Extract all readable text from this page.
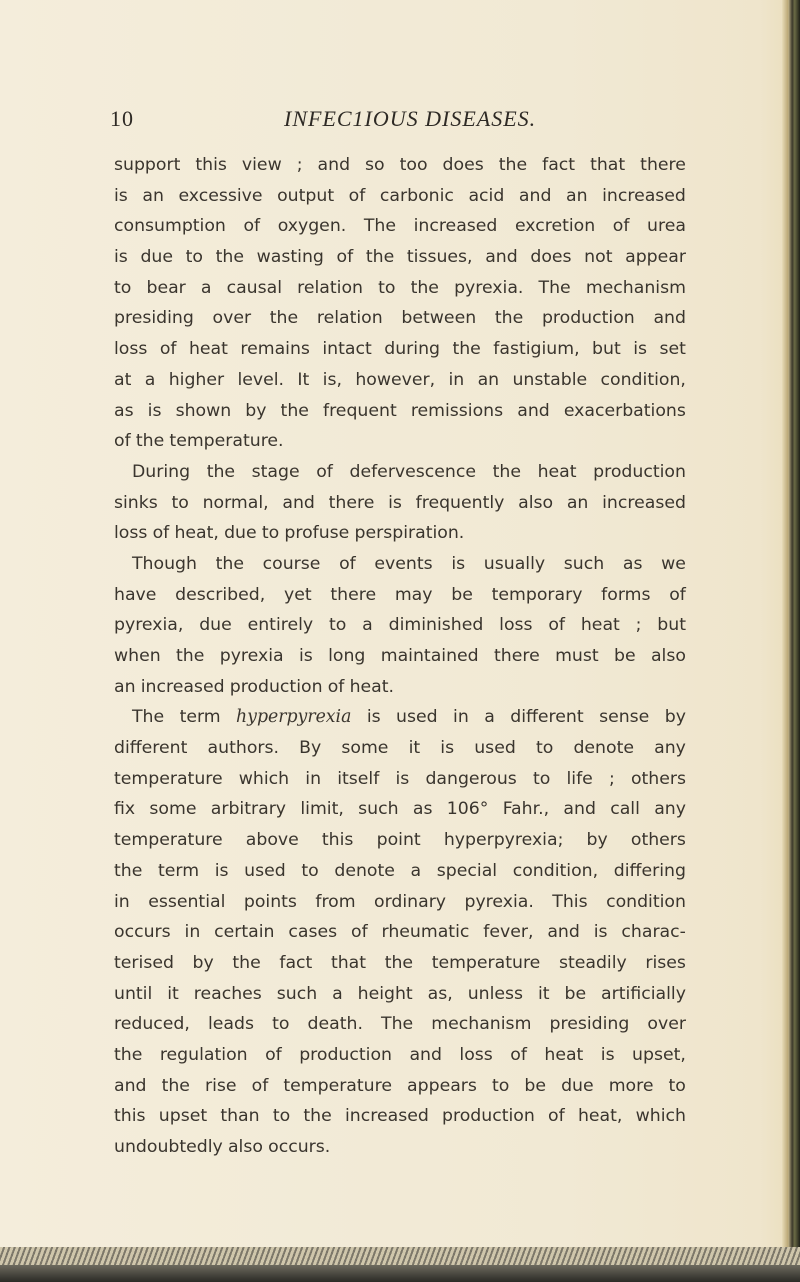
10	INFEC1IOUS DISEASES.
support this view ; and so too does the fact that there
is an excessive output of carbonic acid and an increased
consumption of oxygen. The increased excretion of urea
is due to the wasting of the tissues, and does not appear
to bear a causal relation to the pyrexia. The mechanism
presiding over the relation between the production and
loss of heat remains intact during the fastigium, but is set
at a higher level. It is, however, in an unstable condition,
as is shown by the frequent remissions and exacerbations
of the temperature.
During the stage of defervescence the heat production
sinks to normal, and there is frequently also an increased
loss of heat, due to profuse perspiration.
Though the course of events is usually such as we
have described, yet there may be temporary forms of
pyrexia, due entirely to a diminished loss of heat ; but
when the pyrexia is long maintained there must be also
an increased production of heat.
The term hyperpyrexia is used in a different sense by
different authors. By some it is used to denote any
temperature which in itself is dangerous to life ; others
fix some arbitrary limit, such as 106° Fahr., and call any
temperature above this point hyperpyrexia; by others
the term is used to denote a special condition, differing
in essential points from ordinary pyrexia. This condition
occurs in certain cases of rheumatic fever, and is charac-
terised by the fact that the temperature steadily rises
until it reaches such a height as, unless it be artificially
reduced, leads to death. The mechanism presiding over
the regulation of production and loss of heat is upset,
and the rise of temperature appears to be due more to
this upset than to the increased production of heat, which
undoubtedly also occurs.
